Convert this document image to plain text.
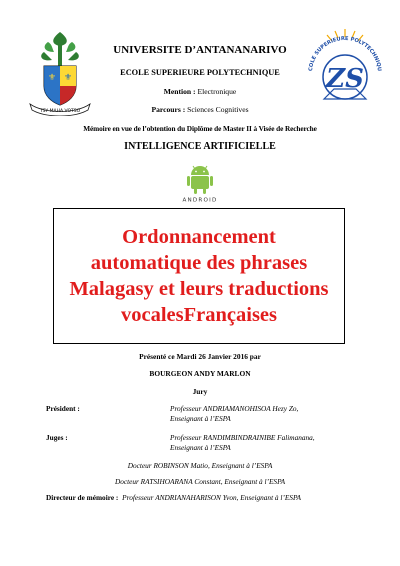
⚜ ⚜
TSY MAHA VOTSO
COLE SUPERIEURE POLYTECHNIQU
ZS
UNIVERSITE D’ANTANANARIVO
ECOLE SUPERIEURE POLYTECHNIQUE
Mention : Electronique
Parcours : Sciences Cognitives
Mémoire en vue de l’obtention du Diplôme de Master II à Visée de Recherche
INTELLIGENCE ARTIFICIELLE
ANDROID
Ordonnancement
automatique des phrases
Malagasy et leurs traductions
vocalesFrançaises
Présenté ce Mardi 26 Janvier 2016 par
BOURGEON ANDY MARLON
Jury
Président :	Professeur ANDRIAMANOHISOA Hezy Zo, Enseignant à l’ESPA
Juges :	Professeur RANDIMBINDRAINIBE Falimanana, Enseignant à l’ESPA
Docteur ROBINSON Matio, Enseignant à l’ESPA
Docteur RATSIHOARANA Constant, Enseignant à l’ESPA
Directeur de mémoire : Professeur ANDRIANAHARISON Yvon, Enseignant à l’ESPA
